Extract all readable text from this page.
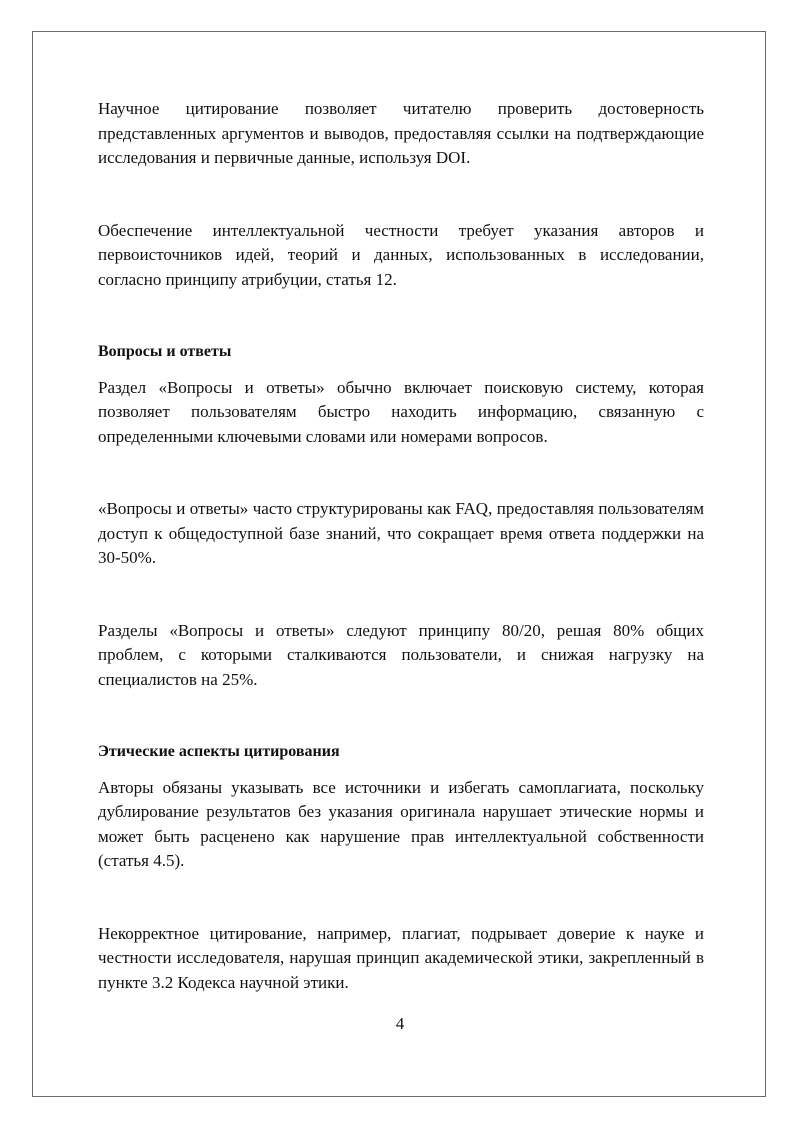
Научное цитирование позволяет читателю проверить достоверность представленных аргументов и выводов, предоставляя ссылки на подтверждающие исследования и первичные данные, используя DOI.

Обеспечение интеллектуальной честности требует указания авторов и первоисточников идей, теорий и данных, использованных в исследовании, согласно принципу атрибуции, статья 12.

Вопросы и ответы

Раздел «Вопросы и ответы» обычно включает поисковую систему, которая позволяет пользователям быстро находить информацию, связанную с определенными ключевыми словами или номерами вопросов.

«Вопросы и ответы» часто структурированы как FAQ, предоставляя пользователям доступ к общедоступной базе знаний, что сокращает время ответа поддержки на 30-50%.

Разделы «Вопросы и ответы» следуют принципу 80/20, решая 80% общих проблем, с которыми сталкиваются пользователи, и снижая нагрузку на специалистов на 25%.

Этические аспекты цитирования

Авторы обязаны указывать все источники и избегать самоплагиата, поскольку дублирование результатов без указания оригинала нарушает этические нормы и может быть расценено как нарушение прав интеллектуальной собственности (статья 4.5).

Некорректное цитирование, например, плагиат, подрывает доверие к науке и честности исследователя, нарушая принцип академической этики, закрепленный в пункте 3.2 Кодекса научной этики.

4
